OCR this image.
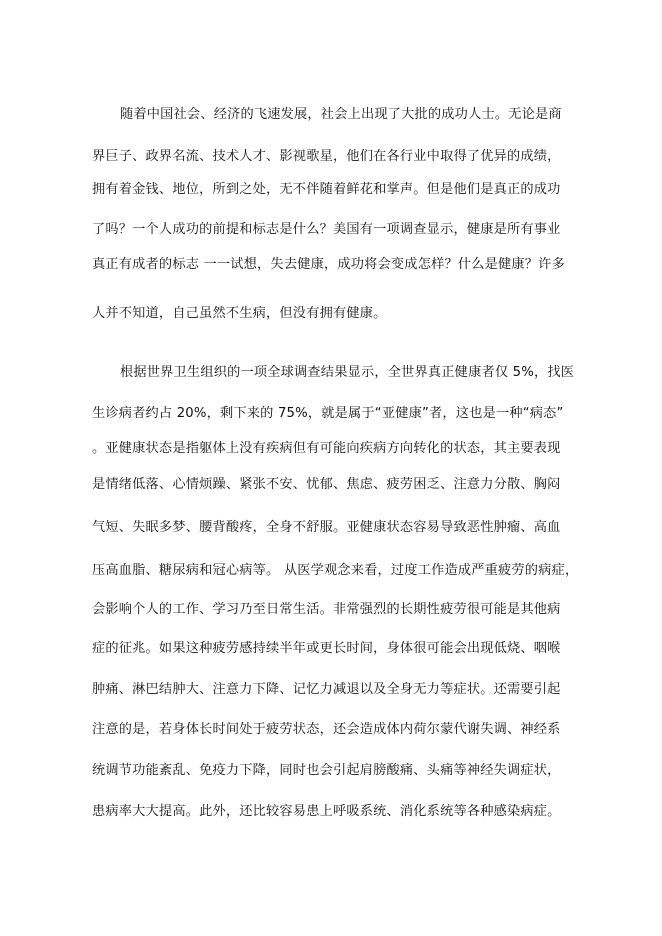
随着中国社会、经济的飞速发展，社会上出现了大批的成功人士。无论是商
界巨子、政界名流、技术人才、影视歌星，他们在各行业中取得了优异的成绩，
拥有着金钱、地位，所到之处，无不伴随着鲜花和掌声。但是他们是真正的成功
了吗？一个人成功的前提和标志是什么？美国有一项调查显示，健康是所有事业
真正有成者的标志 一一试想，失去健康，成功将会变成怎样？什么是健康？许多
人并不知道，自己虽然不生病，但没有拥有健康。
根据世界卫生组织的一项全球调查结果显示，全世界真正健康者仅 5%，找医
生诊病者约占 20%，剩下来的 75%，就是属于“亚健康”者，这也是一种“病态”
。亚健康状态是指躯体上没有疾病但有可能向疾病方向转化的状态，其主要表现
是情绪低落、心情烦躁、紧张不安、忧郁、焦虑、疲劳困乏、注意力分散、胸闷
气短、失眠多梦、腰背酸疼，全身不舒服。亚健康状态容易导致恶性肿瘤、高血
压高血脂、糖尿病和冠心病等。 从医学观念来看，过度工作造成严重疲劳的病症，
会影响个人的工作、学习乃至日常生活。非常强烈的长期性疲劳很可能是其他病
症的征兆。如果这种疲劳感持续半年或更长时间，身体很可能会出现低烧、咽喉
肿痛、淋巴结肿大、注意力下降、记忆力减退以及全身无力等症状。还需要引起
注意的是，若身体长时间处于疲劳状态，还会造成体内荷尔蒙代谢失调、神经系
统调节功能紊乱、免疫力下降，同时也会引起肩膀酸痛、头痛等神经失调症状，
患病率大大提高。此外，还比较容易患上呼吸系统、消化系统等各种感染病症。
